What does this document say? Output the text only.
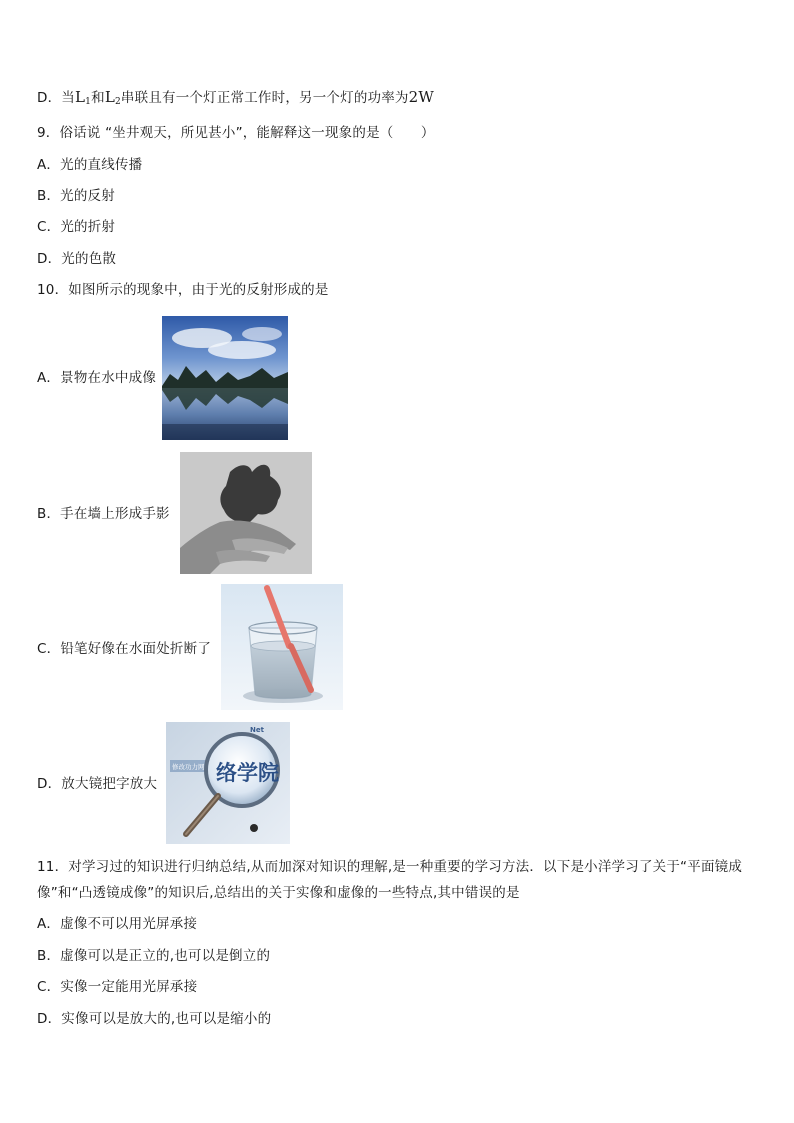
D．当$L_1$和$L_2$串联且有一个灯正常工作时，另一个灯的功率为2W
9．俗话说 “坐井观天，所见甚小”，能解释这一现象的是（　　）
A．光的直线传播
B．光的反射
C．光的折射
D．光的色散
10．如图所示的现象中，由于光的反射形成的是
A．景物在水中成像
B．手在墙上形成手影
C．铅笔好像在水面处折断了
D．放大镜把字放大
Net
修改功力网 络学院
11．对学习过的知识进行归纳总结,从而加深对知识的理解,是一种重要的学习方法．以下是小洋学习了关于“平面镜成
像”和“凸透镜成像”的知识后,总结出的关于实像和虚像的一些特点,其中错误的是
A．虚像不可以用光屏承接
B．虚像可以是正立的,也可以是倒立的
C．实像一定能用光屏承接
D．实像可以是放大的,也可以是缩小的
